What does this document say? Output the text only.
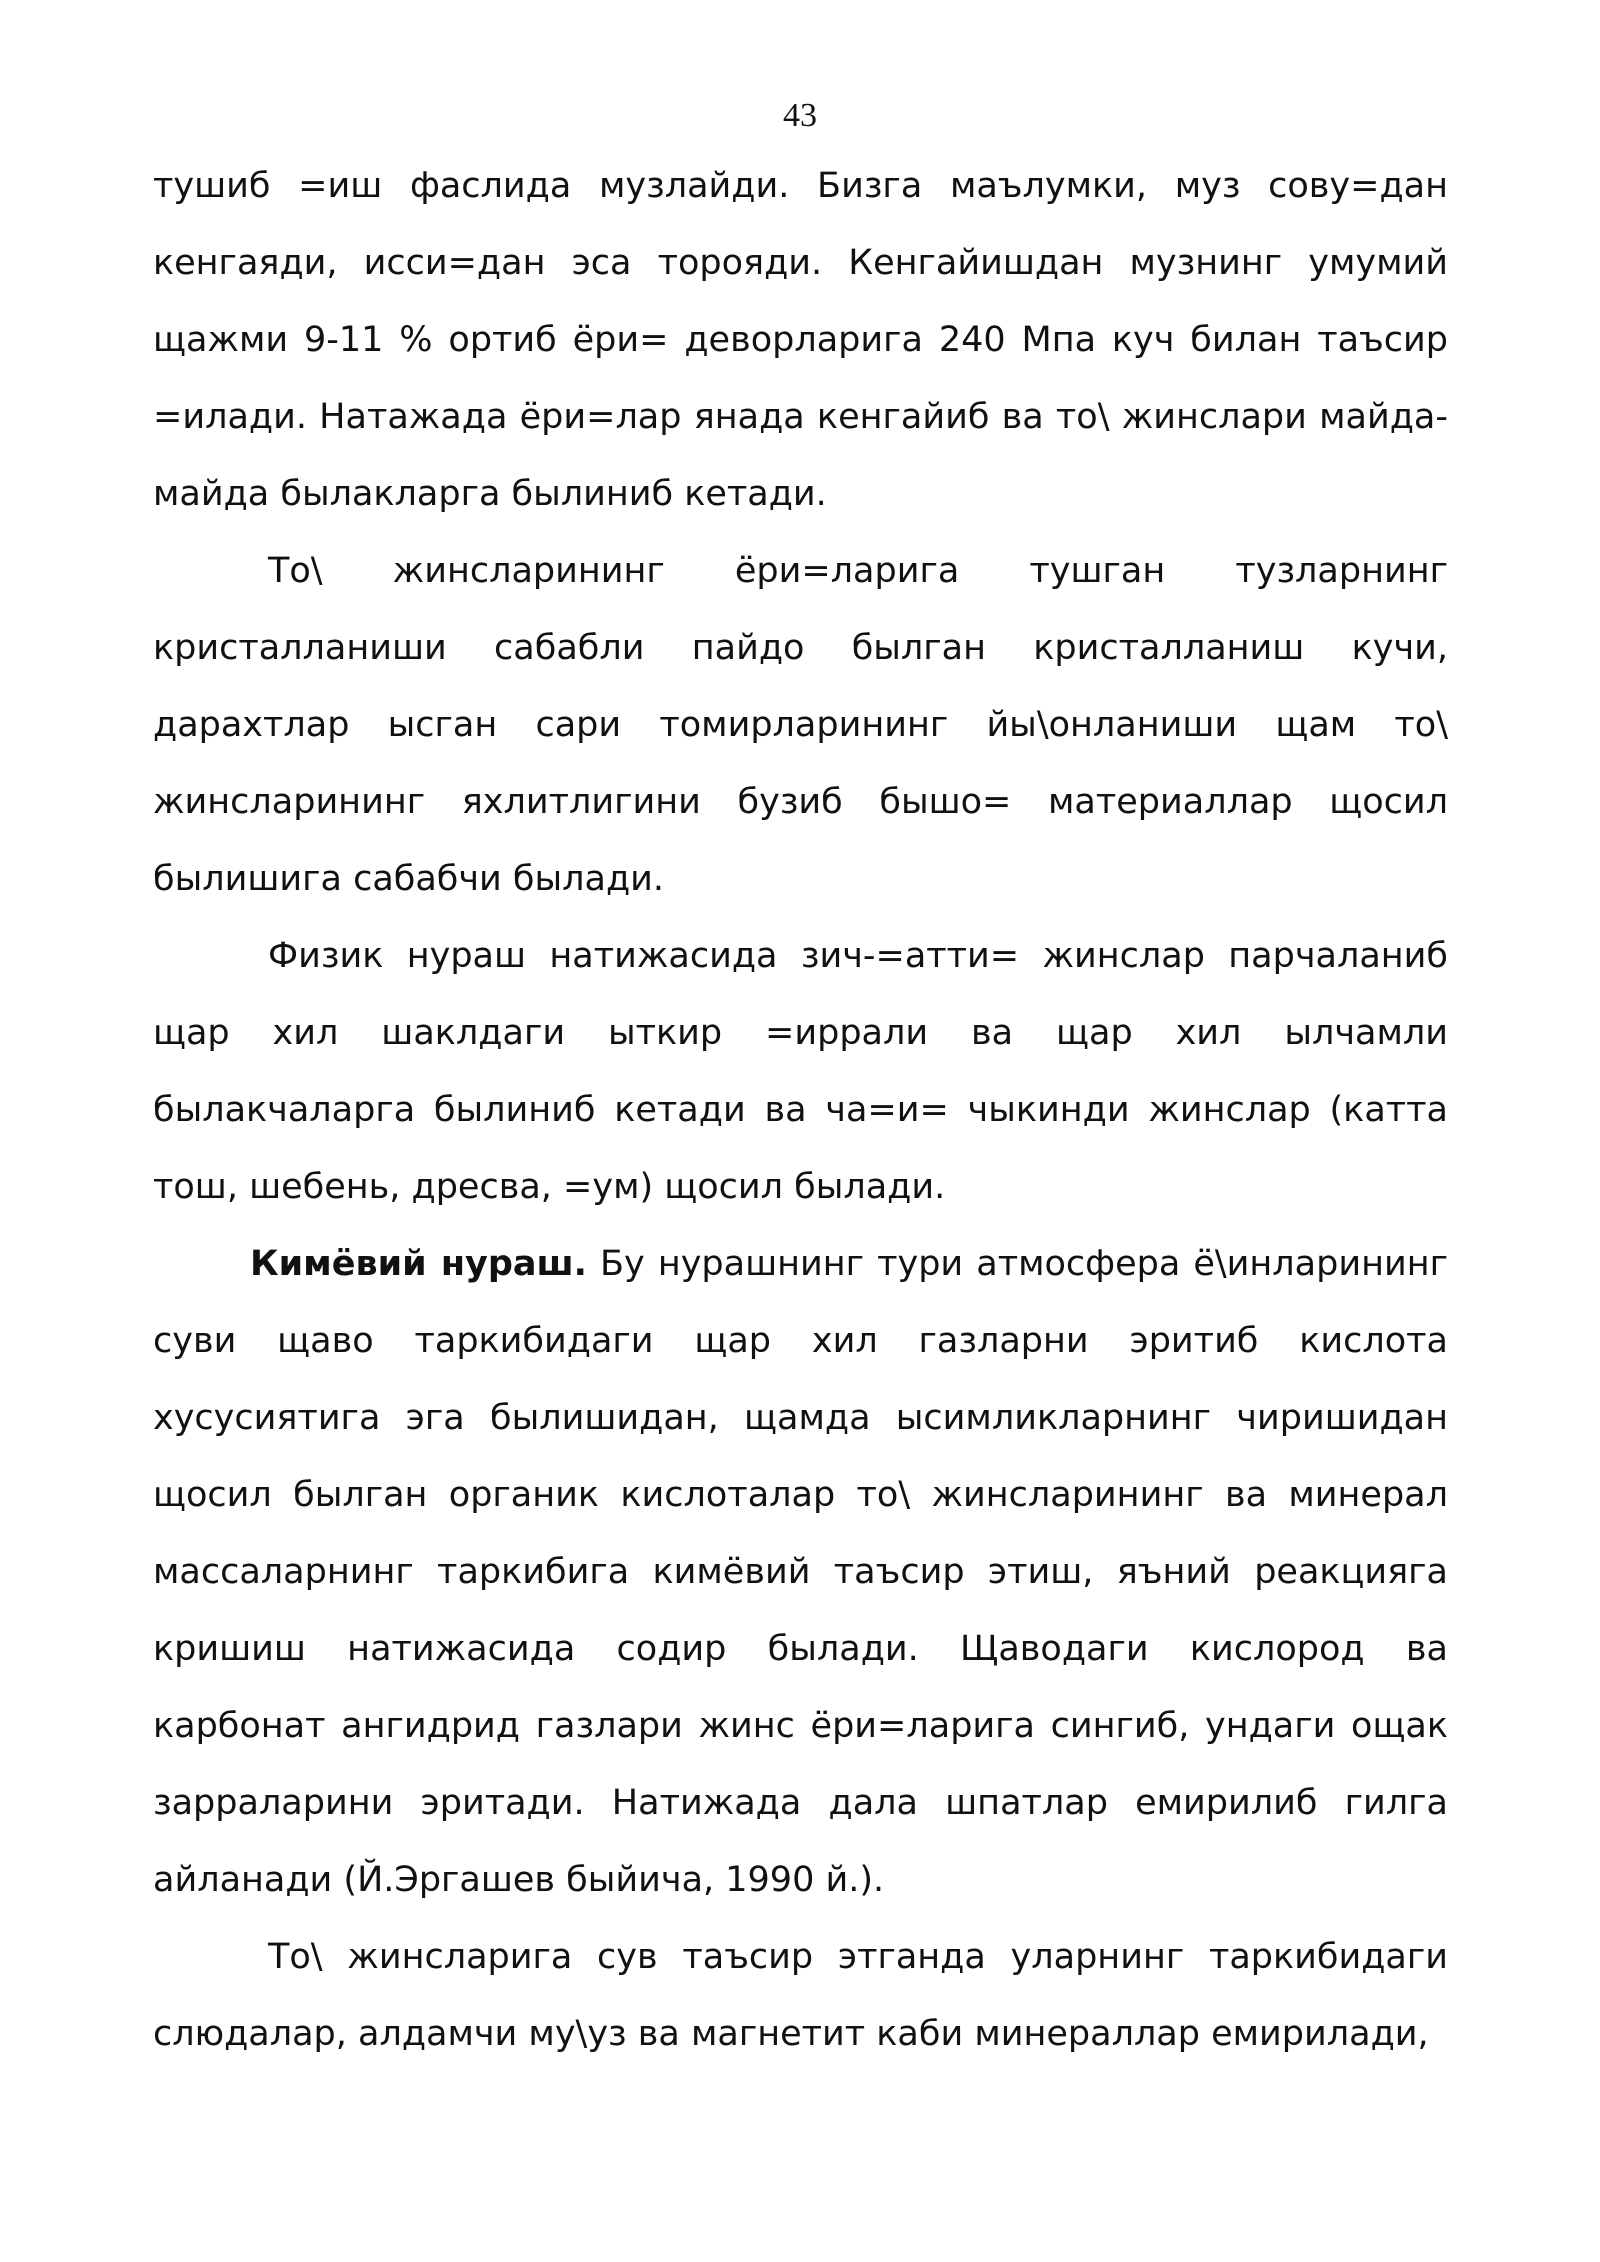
43

тушиб =иш фаслида музлайди. Бизга маълумки, муз сову=дан кенгаяди, исси=дан эса торояди. Кенгайишдан музнинг умумий щажми 9-11 % ортиб ёри= деворларига 240 Мпа куч билан таъсир =илади. Натажада ёри=лар янада кенгайиб ва то\ жинслари майда-майда былакларга былиниб кетади.

То\ жинсларининг ёри=ларига тушган тузларнинг кристалланиши сабабли пайдо былган кристалланиш кучи, дарахтлар ысган сари томирларининг йы\онланиши щам то\ жинсларининг яхлитлигини бузиб бышо= материаллар щосил былишига сабабчи былади.

Физик нураш натижасида зич-=атти= жинслар парчаланиб щар хил шаклдаги ыткир =иррали ва щар хил ылчамли былакчаларга былиниб кетади ва ча=и= чыкинди жинслар (катта тош, шебень, дресва, =ум) щосил былади.

Кимёвий нураш. Бу нурашнинг тури атмосфера ё\инларининг суви щаво таркибидаги щар хил газларни эритиб кислота хусусиятига эга былишидан, щамда ысимликларнинг чиришидан щосил былган органик кислоталар то\ жинсларининг ва минерал массаларнинг таркибига кимёвий таъсир этиш, яъний реакцияга кришиш натижасида содир былади. Щаводаги кислород ва карбонат ангидрид газлари жинс ёри=ларига сингиб, ундаги ощак зарраларини эритади. Натижада дала шпатлар емирилиб гилга айланади (Й.Эргашев быйича, 1990 й.).

То\ жинсларига сув таъсир этганда уларнинг таркибидаги слюдалар, алдамчи му\уз ва магнетит каби минераллар емирилади,
